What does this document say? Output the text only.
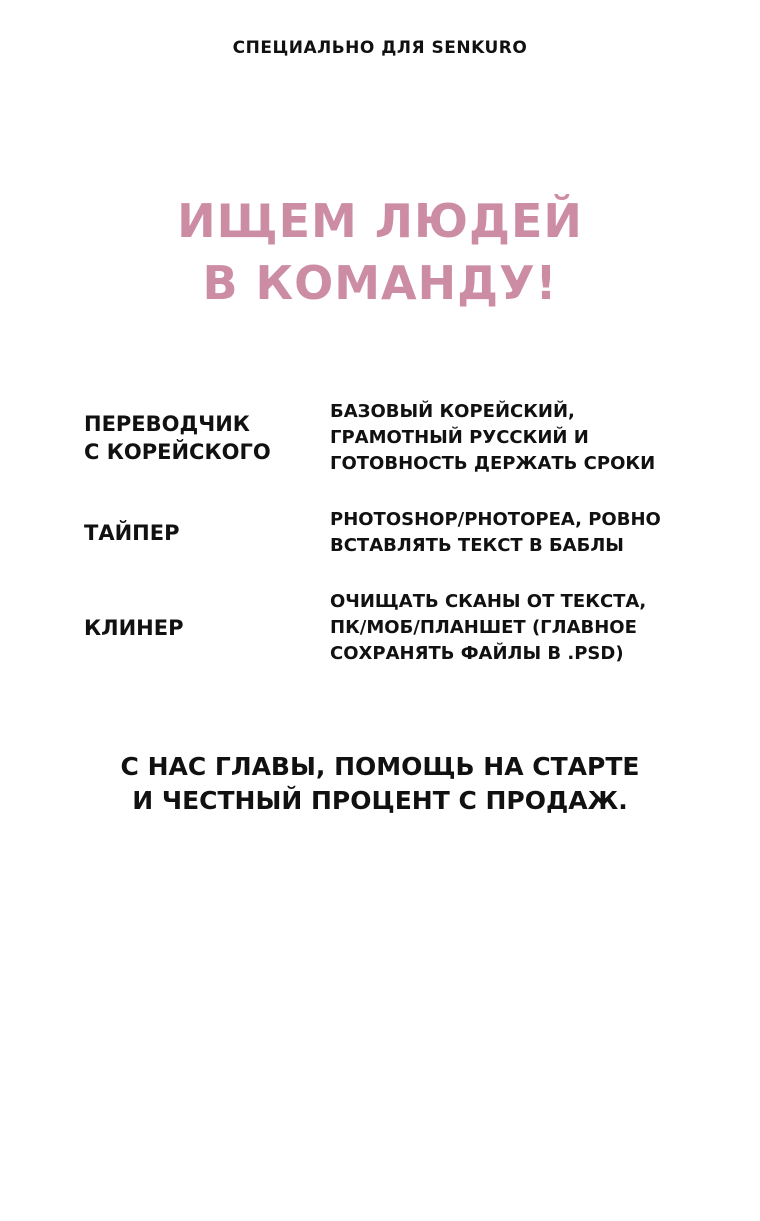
СПЕЦИАЛЬНО ДЛЯ SENKURO
ИЩЕМ ЛЮДЕЙ
В КОМАНДУ!
ПЕРЕВОДЧИК
С КОРЕЙСКОГО
БАЗОВЫЙ КОРЕЙСКИЙ,
ГРАМОТНЫЙ РУССКИЙ И
ГОТОВНОСТЬ ДЕРЖАТЬ СРОКИ
ТАЙПЕР
PHOTOSHOP/PHOTOPEA, РОВНО
ВСТАВЛЯТЬ ТЕКСТ В БАБЛЫ
КЛИНЕР
ОЧИЩАТЬ СКАНЫ ОТ ТЕКСТА,
ПК/МОБ/ПЛАНШЕТ (ГЛАВНОЕ
СОХРАНЯТЬ ФАЙЛЫ В .PSD)
С НАС ГЛАВЫ, ПОМОЩЬ НА СТАРТЕ
И ЧЕСТНЫЙ ПРОЦЕНТ С ПРОДАЖ.
